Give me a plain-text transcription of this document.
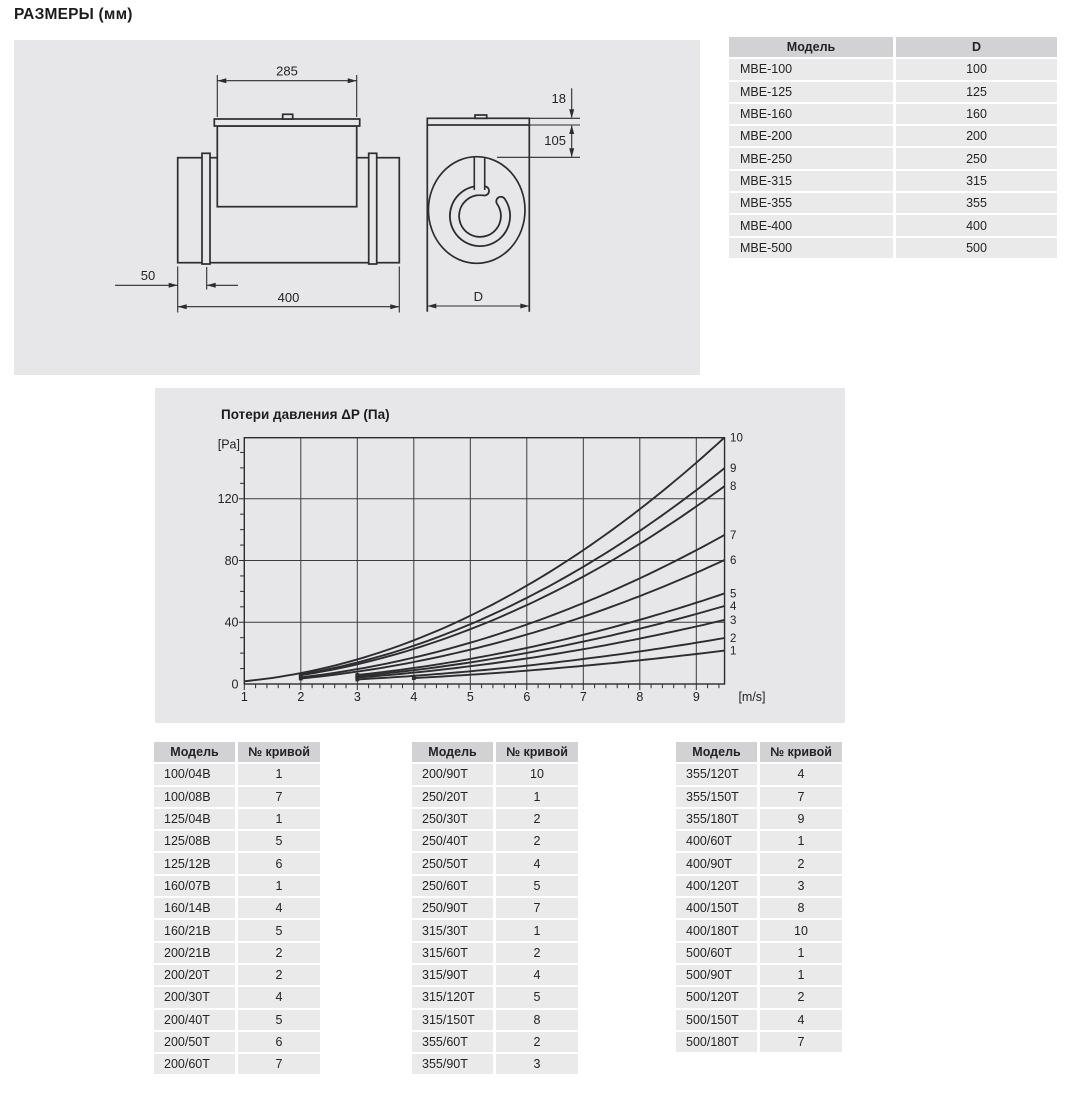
РАЗМЕРЫ (мм)
285
50
400
18
105
D
Модель	D
МВЕ-100	100
МВЕ-125	125
МВЕ-160	160
МВЕ-200	200
МВЕ-250	250
МВЕ-315	315
МВЕ-355	355
МВЕ-400	400
МВЕ-500	500
1	2	3	4	5	6	7	8	9
0
40
80
120
[Pa]
[m/s]
1
2
3
4
5
6
7
8
9
10
Потери давления ΔP (Па)
Модель	№ кривой
100/04В	1
100/08В	7
125/04В	1
125/08В	5
125/12В	6
160/07В	1
160/14В	4
160/21В	5
200/21В	2
200/20Т	2
200/30Т	4
200/40Т	5
200/50Т	6
200/60Т	7
Модель	№ кривой
200/90Т	10
250/20Т	1
250/30Т	2
250/40Т	2
250/50Т	4
250/60Т	5
250/90Т	7
315/30Т	1
315/60Т	2
315/90Т	4
315/120Т	5
315/150Т	8
355/60Т	2
355/90Т	3
Модель	№ кривой
355/120Т	4
355/150Т	7
355/180Т	9
400/60Т	1
400/90Т	2
400/120Т	3
400/150Т	8
400/180Т	10
500/60Т	1
500/90Т	1
500/120Т	2
500/150Т	4
500/180Т	7
